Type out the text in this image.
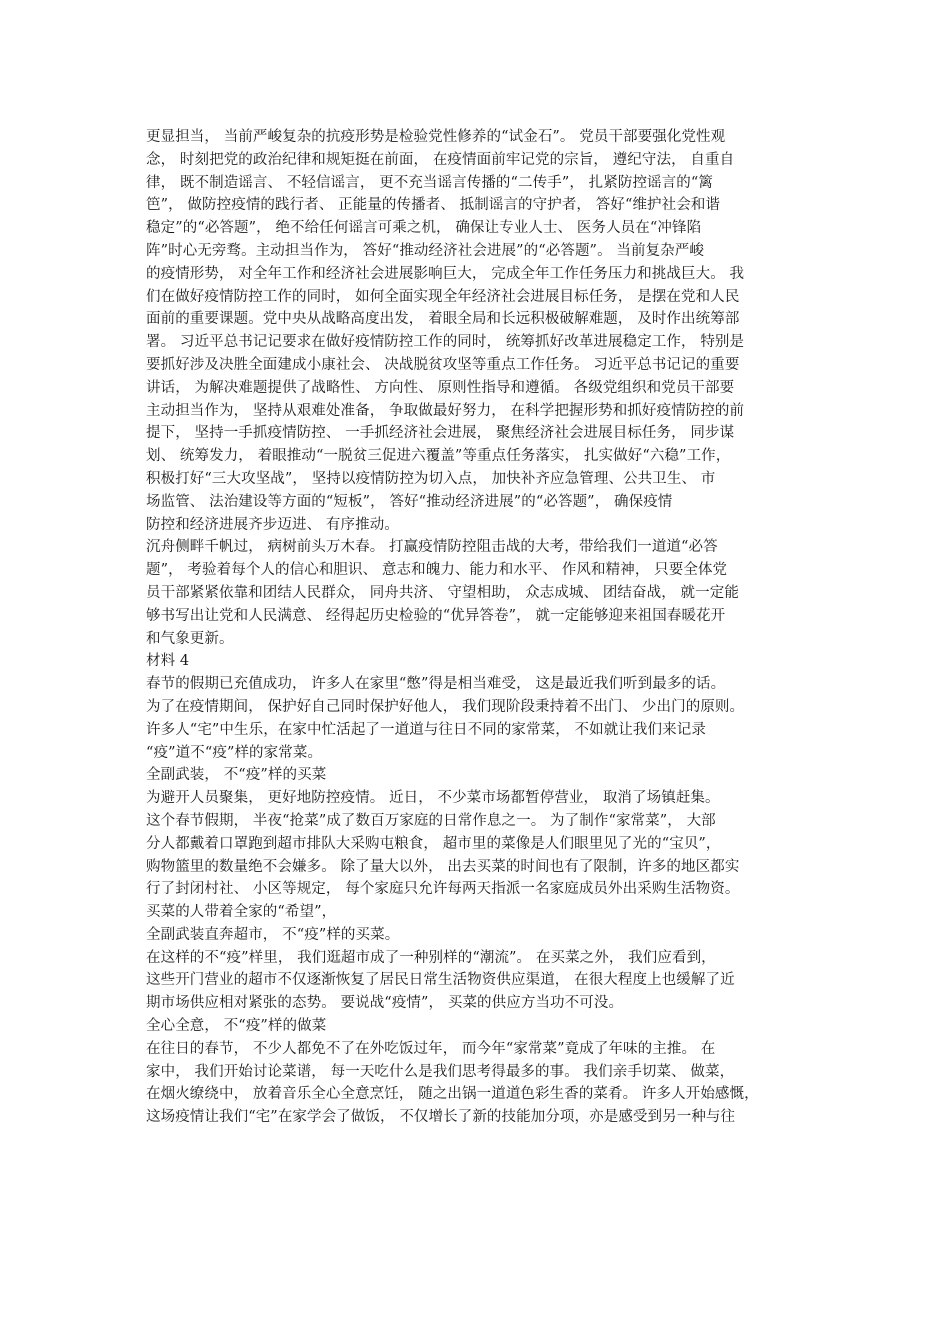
更显担当， 当前严峻复杂的抗疫形势是检验党性修养的“试金石”。 党员干部要强化党性观
念， 时刻把党的政治纪律和规矩挺在前面， 在疫情面前牢记党的宗旨， 遵纪守法， 自重自
律， 既不制造谣言、 不轻信谣言， 更不充当谣言传播的“二传手”， 扎紧防控谣言的“篱
笆”， 做防控疫情的践行者、 正能量的传播者、 抵制谣言的守护者， 答好“维护社会和谐
稳定”的“必答题”， 绝不给任何谣言可乘之机， 确保让专业人士、 医务人员在“冲锋陷
阵”时心无旁骛。主动担当作为， 答好“推动经济社会进展”的“必答题”。 当前复杂严峻
的疫情形势， 对全年工作和经济社会进展影响巨大， 完成全年工作任务压力和挑战巨大。 我
们在做好疫情防控工作的同时， 如何全面实现全年经济社会进展目标任务， 是摆在党和人民
面前的重要课题。党中央从战略高度出发， 着眼全局和长远积极破解难题， 及时作出统筹部
署。 习近平总书记记要求在做好疫情防控工作的同时， 统筹抓好改革进展稳定工作， 特别是
要抓好涉及决胜全面建成小康社会、 决战脱贫攻坚等重点工作任务。 习近平总书记记的重要
讲话， 为解决难题提供了战略性、 方向性、 原则性指导和遵循。 各级党组织和党员干部要
主动担当作为， 坚持从艰难处准备， 争取做最好努力， 在科学把握形势和抓好疫情防控的前
提下， 坚持一手抓疫情防控、 一手抓经济社会进展， 聚焦经济社会进展目标任务， 同步谋
划、 统筹发力， 着眼推动“一脱贫三促进六覆盖”等重点任务落实， 扎实做好“六稳”工作，
积极打好“三大攻坚战”， 坚持以疫情防控为切入点， 加快补齐应急管理、公共卫生、 市
场监管、 法治建设等方面的“短板”， 答好“推动经济进展”的“必答题”， 确保疫情
防控和经济进展齐步迈进、 有序推动。
沉舟侧畔千帆过， 病树前头万木春。 打赢疫情防控阻击战的大考，带给我们一道道“必答
题”， 考验着每个人的信心和胆识、 意志和魄力、能力和水平、 作风和精神， 只要全体党
员干部紧紧依靠和团结人民群众， 同舟共济、 守望相助， 众志成城、 团结奋战， 就一定能
够书写出让党和人民满意、 经得起历史检验的“优异答卷”， 就一定能够迎来祖国春暖花开
和气象更新。
材料 4
春节的假期已充值成功， 许多人在家里“憋”得是相当难受， 这是最近我们听到最多的话。
为了在疫情期间， 保护好自己同时保护好他人， 我们现阶段秉持着不出门、 少出门的原则。
许多人“宅”中生乐，在家中忙活起了一道道与往日不同的家常菜， 不如就让我们来记录
“疫”道不“疫”样的家常菜。
全副武装， 不“疫”样的买菜
为避开人员聚集， 更好地防控疫情。 近日， 不少菜市场都暂停营业， 取消了场镇赶集。
这个春节假期， 半夜“抢菜”成了数百万家庭的日常作息之一。 为了制作“家常菜”， 大部
分人都戴着口罩跑到超市排队大采购屯粮食， 超市里的菜像是人们眼里见了光的“宝贝”，
购物篮里的数量绝不会嫌多。 除了量大以外， 出去买菜的时间也有了限制，许多的地区都实
行了封闭村社、 小区等规定， 每个家庭只允许每两天指派一名家庭成员外出采购生活物资。
买菜的人带着全家的“希望”，
全副武装直奔超市， 不“疫”样的买菜。
在这样的不“疫”样里， 我们逛超市成了一种别样的“潮流”。 在买菜之外， 我们应看到，
这些开门营业的超市不仅逐渐恢复了居民日常生活物资供应渠道， 在很大程度上也缓解了近
期市场供应相对紧张的态势。 要说战“疫情”， 买菜的供应方当功不可没。
全心全意， 不“疫”样的做菜
在往日的春节， 不少人都免不了在外吃饭过年， 而今年“家常菜”竟成了年味的主推。 在
家中， 我们开始讨论菜谱， 每一天吃什么是我们思考得最多的事。 我们亲手切菜、 做菜，
在烟火缭绕中， 放着音乐全心全意烹饪， 随之出锅一道道色彩生香的菜肴。 许多人开始感慨，
这场疫情让我们“宅”在家学会了做饭， 不仅增长了新的技能加分项，亦是感受到另一种与往
